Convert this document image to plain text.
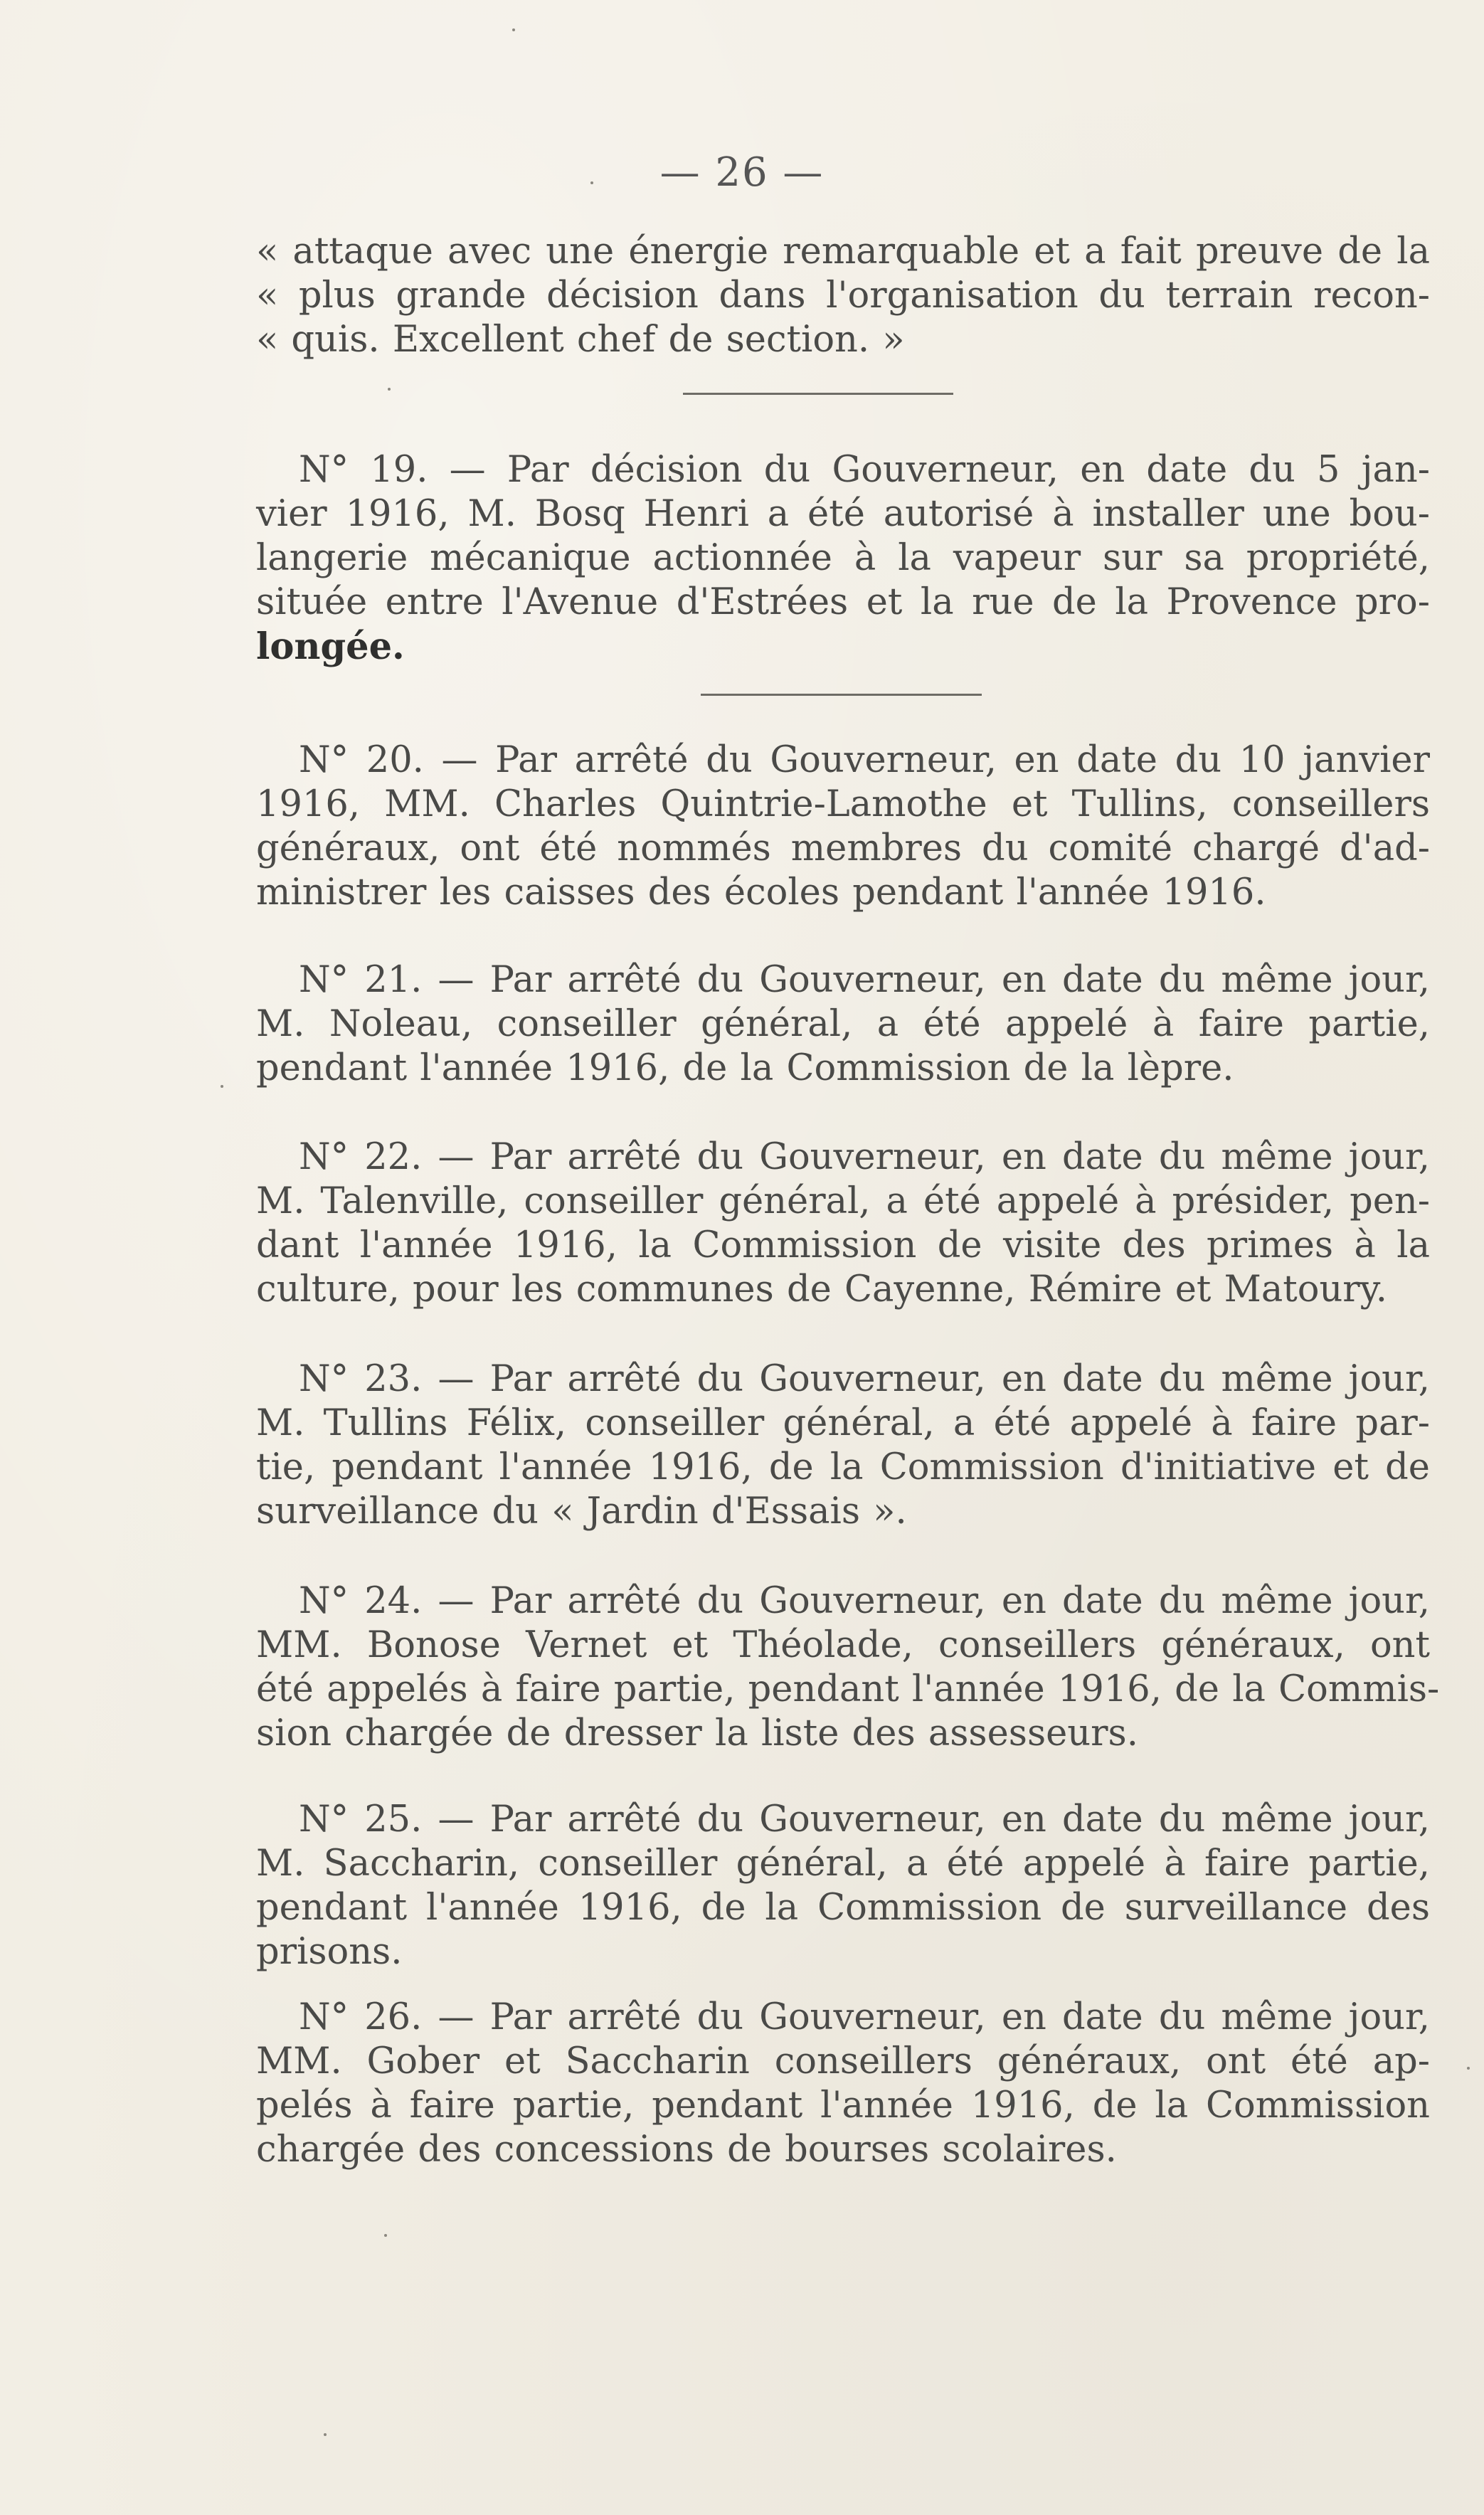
— 26 —
« attaque avec une énergie remarquable et a fait preuve de la
« plus grande décision dans l'organisation du terrain recon-
« quis. Excellent chef de section. »
N° 19. — Par décision du Gouverneur, en date du 5 jan-
vier 1916, M. Bosq Henri a été autorisé à installer une bou-
langerie mécanique actionnée à la vapeur sur sa propriété,
située entre l'Avenue d'Estrées et la rue de la Provence pro-
longée.
N° 20. — Par arrêté du Gouverneur, en date du 10 janvier
1916, MM. Charles Quintrie-Lamothe et Tullins, conseillers
généraux, ont été nommés membres du comité chargé d'ad-
ministrer les caisses des écoles pendant l'année 1916.
N° 21. — Par arrêté du Gouverneur, en date du même jour,
M. Noleau, conseiller général, a été appelé à faire partie,
pendant l'année 1916, de la Commission de la lèpre.
N° 22. — Par arrêté du Gouverneur, en date du même jour,
M. Talenville, conseiller général, a été appelé à présider, pen-
dant l'année 1916, la Commission de visite des primes à la
culture, pour les communes de Cayenne, Rémire et Matoury.
N° 23. — Par arrêté du Gouverneur, en date du même jour,
M. Tullins Félix, conseiller général, a été appelé à faire par-
tie, pendant l'année 1916, de la Commission d'initiative et de
surveillance du « Jardin d'Essais ».
N° 24. — Par arrêté du Gouverneur, en date du même jour,
MM. Bonose Vernet et Théolade, conseillers généraux, ont
été appelés à faire partie, pendant l'année 1916, de la Commis-
sion chargée de dresser la liste des assesseurs.
N° 25. — Par arrêté du Gouverneur, en date du même jour,
M. Saccharin, conseiller général, a été appelé à faire partie,
pendant l'année 1916, de la Commission de surveillance des
prisons.
N° 26. — Par arrêté du Gouverneur, en date du même jour,
MM. Gober et Saccharin conseillers généraux, ont été ap-
pelés à faire partie, pendant l'année 1916, de la Commission
chargée des concessions de bourses scolaires.
